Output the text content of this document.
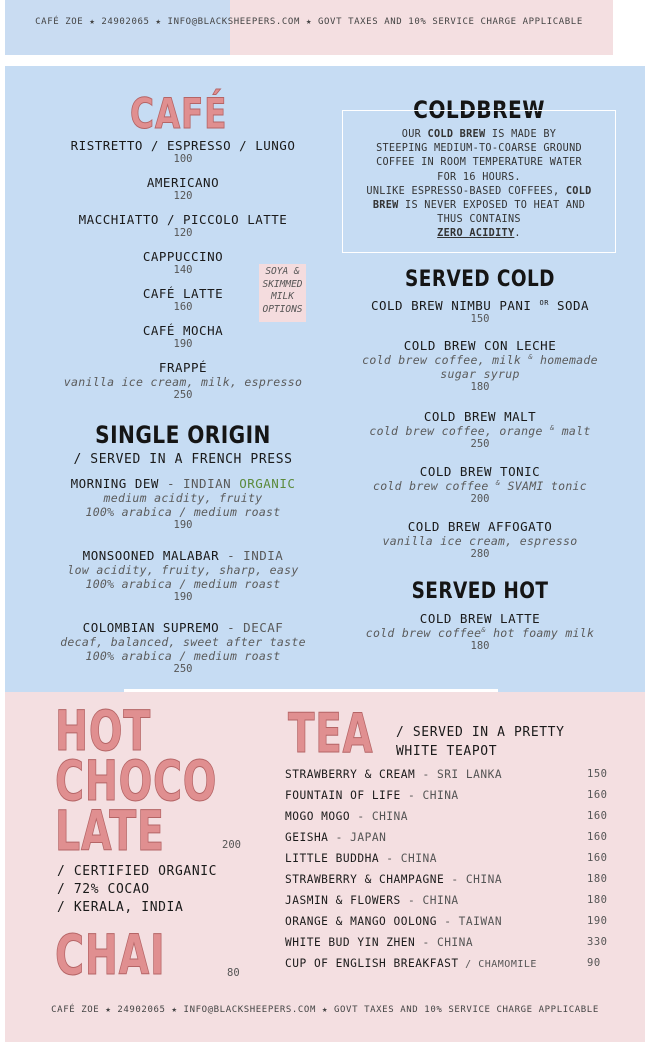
CAFÉ ZOE ★ 24902065 ★ INFO@BLACKSHEEPERS.COM ★ GOVT TAXES AND 10% SERVICE CHARGE APPLICABLE
CAFÉ
RISTRETTO / ESPRESSO / LUNGO
100
AMERICANO
120
MACCHIATTO / PICCOLO LATTE
120
CAPPUCCINO
140
CAFÉ LATTE
160
CAFÉ MOCHA
190
FRAPPÉ
vanilla ice cream, milk, espresso
250
SOYA &
SKIMMED
MILK
OPTIONS
SINGLE ORIGIN
/ SERVED IN A FRENCH PRESS
MORNING DEW - INDIAN ORGANIC
medium acidity, fruity
100% arabica / medium roast
190
MONSOONED MALABAR - INDIA
low acidity, fruity, sharp, easy
100% arabica / medium roast
190
COLOMBIAN SUPREMO - DECAF
decaf, balanced, sweet after taste
100% arabica / medium roast
250
COLDBREW
OUR COLD BREW IS MADE BY
STEEPING MEDIUM-TO-COARSE GROUND
COFFEE IN ROOM TEMPERATURE WATER
FOR 16 HOURS.
UNLIKE ESPRESSO-BASED COFFEES, COLD
BREW IS NEVER EXPOSED TO HEAT AND
THUS CONTAINS
ZERO ACIDITY.
SERVED COLD
COLD BREW NIMBU PANI $^{OR}$ SODA
150
COLD BREW CON LECHE
cold brew coffee, milk & homemade
sugar syrup
180
COLD BREW MALT
cold brew coffee, orange & malt
250
COLD BREW TONIC
cold brew coffee & SVAMI tonic
200
COLD BREW AFFOGATO
vanilla ice cream, espresso
280
SERVED HOT
COLD BREW LATTE
cold brew coffee& hot foamy milk
180
HOT
CHOCO
LATE	200
/ CERTIFIED ORGANIC
/ 72% COCAO
/ KERALA, INDIA
CHAI	80
TEA / SERVED IN A PRETTY
WHITE TEAPOT
STRAWBERRY & CREAM - SRI LANKA	150
FOUNTAIN OF LIFE - CHINA	160
MOGO MOGO - CHINA	160
GEISHA - JAPAN	160
LITTLE BUDDHA - CHINA	160
STRAWBERRY & CHAMPAGNE - CHINA	180
JASMIN & FLOWERS - CHINA	180
ORANGE & MANGO OOLONG - TAIWAN	190
WHITE BUD YIN ZHEN - CHINA	330
CUP OF ENGLISH BREAKFAST / CHAMOMILE	90
CAFÉ ZOE ★ 24902065 ★ INFO@BLACKSHEEPERS.COM ★ GOVT TAXES AND 10% SERVICE CHARGE APPLICABLE
